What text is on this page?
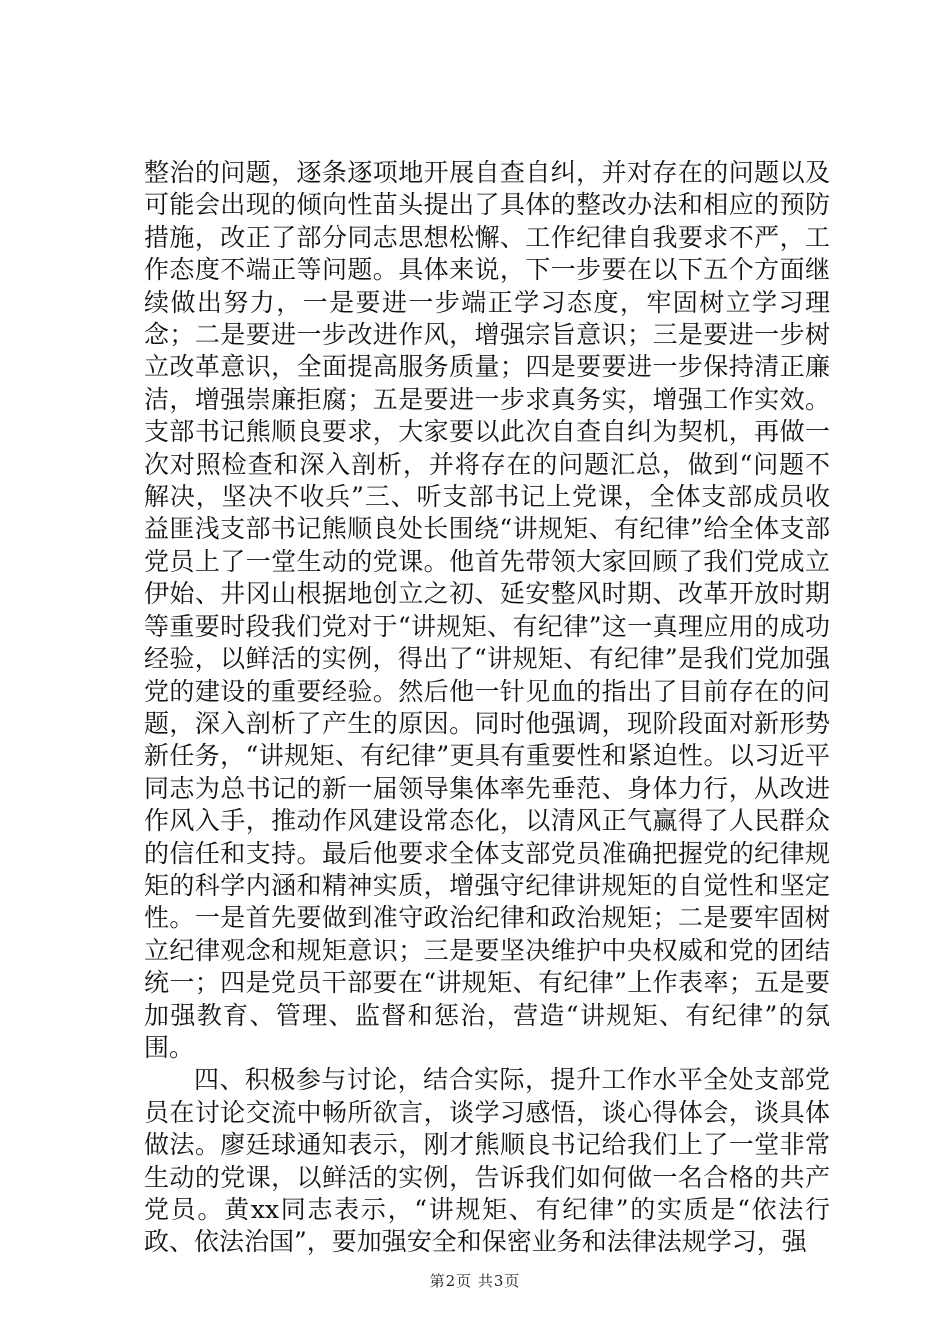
整治的问题，逐条逐项地开展自查自纠，并对存在的问题以及可能会出现的倾向性苗头提出了具体的整改办法和相应的预防措施，改正了部分同志思想松懈、工作纪律自我要求不严，工作态度不端正等问题。具体来说，下一步要在以下五个方面继续做出努力，一是要进一步端正学习态度，牢固树立学习理念；二是要进一步改进作风，增强宗旨意识；三是要进一步树立改革意识，全面提高服务质量；四是要要进一步保持清正廉洁，增强崇廉拒腐；五是要进一步求真务实，增强工作实效。支部书记熊顺良要求，大家要以此次自查自纠为契机，再做一次对照检查和深入剖析，并将存在的问题汇总，做到“问题不解决，坚决不收兵”三、听支部书记上党课，全体支部成员收益匪浅支部书记熊顺良处长围绕“讲规矩、有纪律”给全体支部党员上了一堂生动的党课。他首先带领大家回顾了我们党成立伊始、井冈山根据地创立之初、延安整风时期、改革开放时期等重要时段我们党对于“讲规矩、有纪律”这一真理应用的成功经验，以鲜活的实例，得出了“讲规矩、有纪律”是我们党加强党的建设的重要经验。然后他一针见血的指出了目前存在的问题，深入剖析了产生的原因。同时他强调，现阶段面对新形势新任务，“讲规矩、有纪律”更具有重要性和紧迫性。以习近平同志为总书记的新一届领导集体率先垂范、身体力行，从改进作风入手，推动作风建设常态化，以清风正气赢得了人民群众的信任和支持。最后他要求全体支部党员准确把握党的纪律规矩的科学内涵和精神实质，增强守纪律讲规矩的自觉性和坚定性。一是首先要做到准守政治纪律和政治规矩；二是要牢固树立纪律观念和规矩意识；三是要坚决维护中央权威和党的团结统一；四是党员干部要在“讲规矩、有纪律”上作表率；五是要加强教育、管理、监督和惩治，营造“讲规矩、有纪律”的氛围。

四、积极参与讨论，结合实际，提升工作水平全处支部党员在讨论交流中畅所欲言，谈学习感悟，谈心得体会，谈具体做法。廖廷球通知表示，刚才熊顺良书记给我们上了一堂非常生动的党课，以鲜活的实例，告诉我们如何做一名合格的共产党员。黄xx同志表示，“讲规矩、有纪律”的实质是“依法行政、依法治国”，要加强安全和保密业务和法律法规学习，强

第2页 共3页
